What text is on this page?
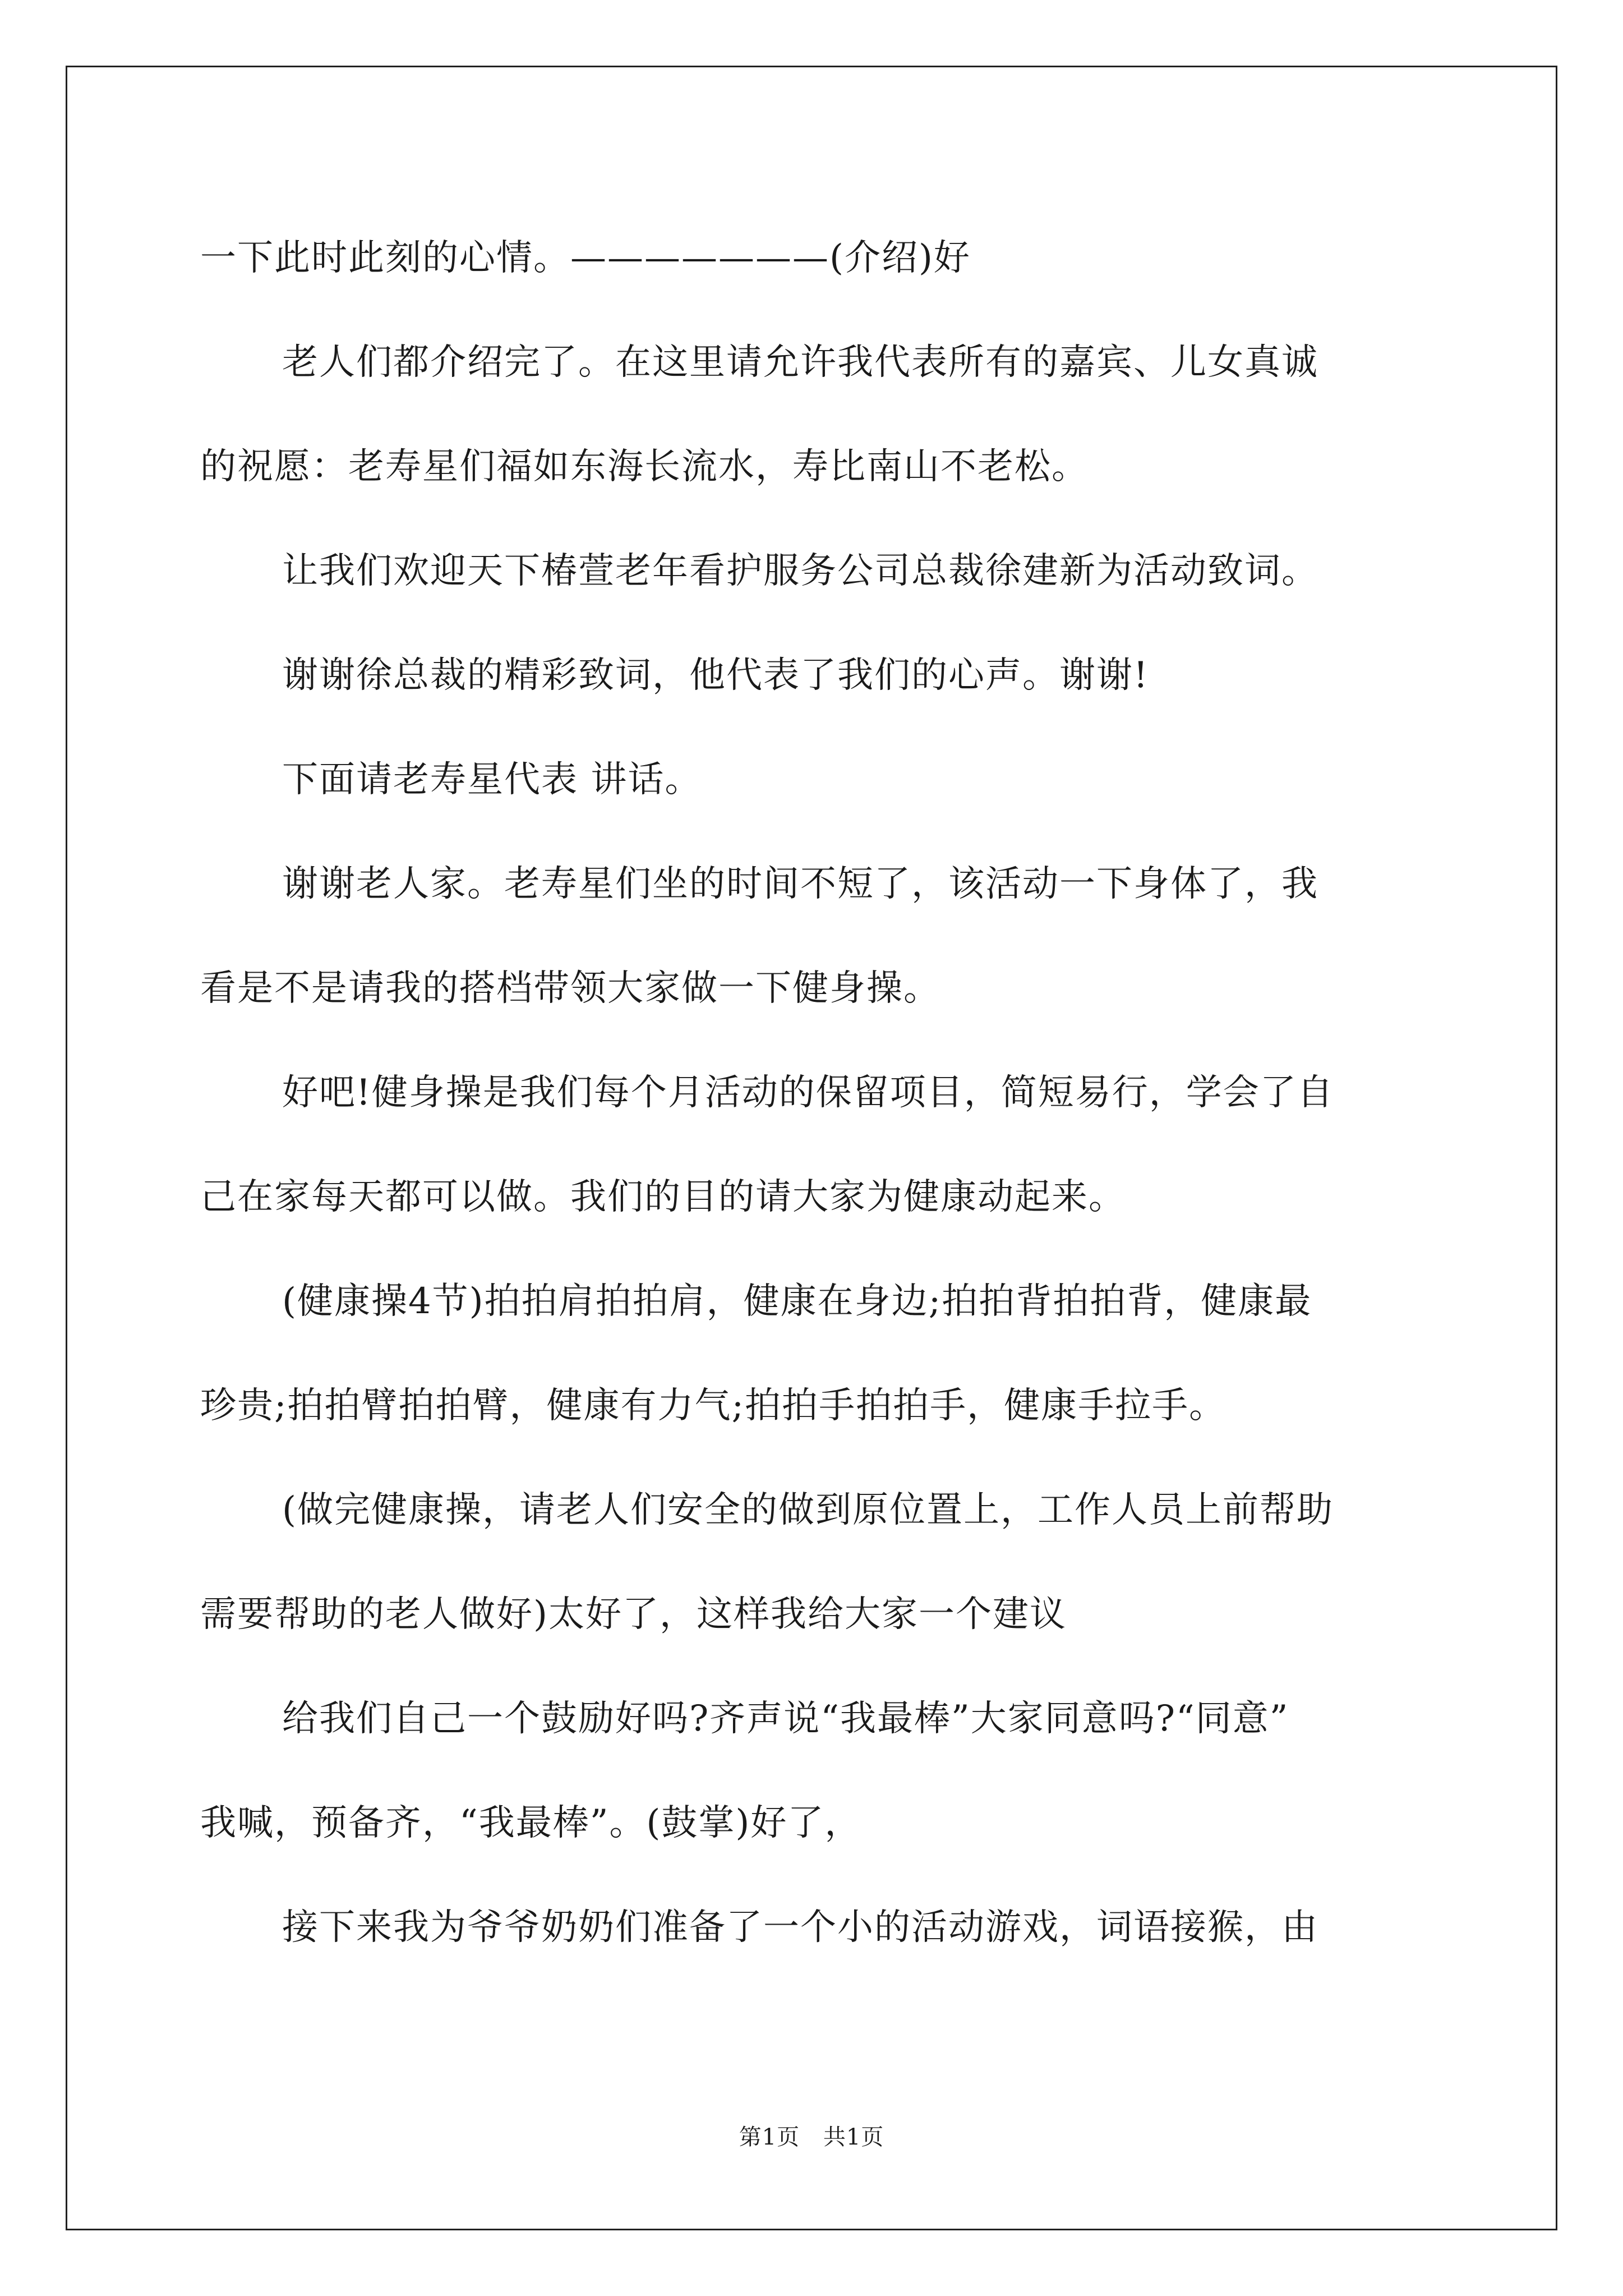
一下此时此刻的心情。———————(介绍)好

老人们都介绍完了。在这里请允许我代表所有的嘉宾、儿女真诚

的祝愿：老寿星们福如东海长流水，寿比南山不老松。

让我们欢迎天下椿萱老年看护服务公司总裁徐建新为活动致词。

谢谢徐总裁的精彩致词，他代表了我们的心声。谢谢!

下面请老寿星代表 讲话。

谢谢老人家。老寿星们坐的时间不短了，该活动一下身体了，我

看是不是请我的搭档带领大家做一下健身操。

好吧!健身操是我们每个月活动的保留项目，简短易行，学会了自

己在家每天都可以做。我们的目的请大家为健康动起来。

(健康操4节)拍拍肩拍拍肩，健康在身边;拍拍背拍拍背，健康最

珍贵;拍拍臂拍拍臂，健康有力气;拍拍手拍拍手，健康手拉手。

(做完健康操，请老人们安全的做到原位置上，工作人员上前帮助

需要帮助的老人做好)太好了，这样我给大家一个建议

给我们自己一个鼓励好吗?齐声说“我最棒”大家同意吗?“同意”

我喊，预备齐，“我最棒”。(鼓掌)好了，

接下来我为爷爷奶奶们准备了一个小的活动游戏，词语接猴，由

第1页 共1页
